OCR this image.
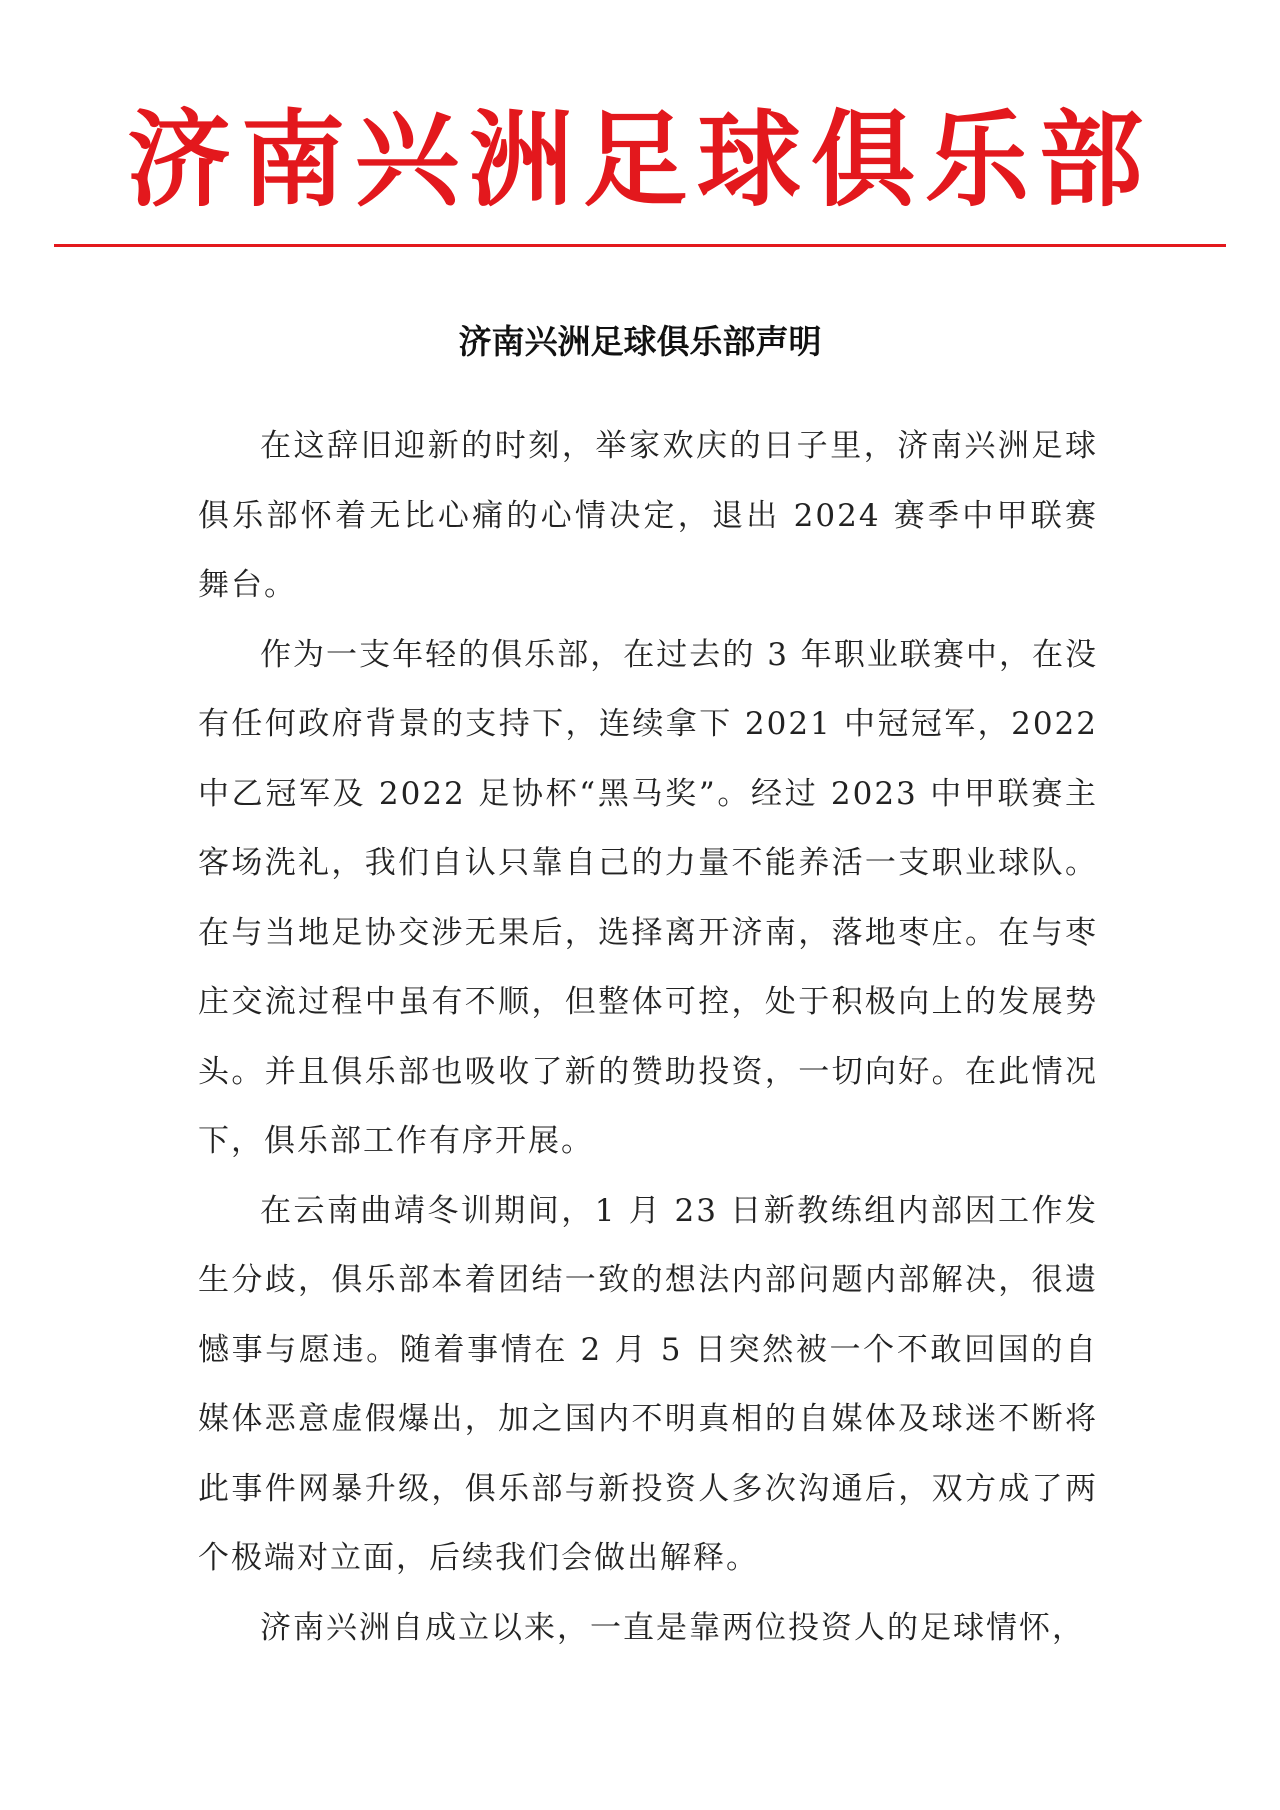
济南兴洲足球俱乐部
济南兴洲足球俱乐部声明

在这辞旧迎新的时刻，举家欢庆的日子里，济南兴洲足球俱乐部怀着无比心痛的心情决定，退出 2024 赛季中甲联赛舞台。

作为一支年轻的俱乐部，在过去的 3 年职业联赛中，在没有任何政府背景的支持下，连续拿下 2021 中冠冠军，2022 中乙冠军及 2022 足协杯“黑马奖”。经过 2023 中甲联赛主客场洗礼，我们自认只靠自己的力量不能养活一支职业球队。在与当地足协交涉无果后，选择离开济南，落地枣庄。在与枣庄交流过程中虽有不顺，但整体可控，处于积极向上的发展势头。并且俱乐部也吸收了新的赞助投资，一切向好。在此情况下，俱乐部工作有序开展。

在云南曲靖冬训期间，1 月 23 日新教练组内部因工作发生分歧，俱乐部本着团结一致的想法内部问题内部解决，很遗憾事与愿违。随着事情在 2 月 5 日突然被一个不敢回国的自媒体恶意虚假爆出，加之国内不明真相的自媒体及球迷不断将此事件网暴升级，俱乐部与新投资人多次沟通后，双方成了两个极端对立面，后续我们会做出解释。

济南兴洲自成立以来，一直是靠两位投资人的足球情怀，
